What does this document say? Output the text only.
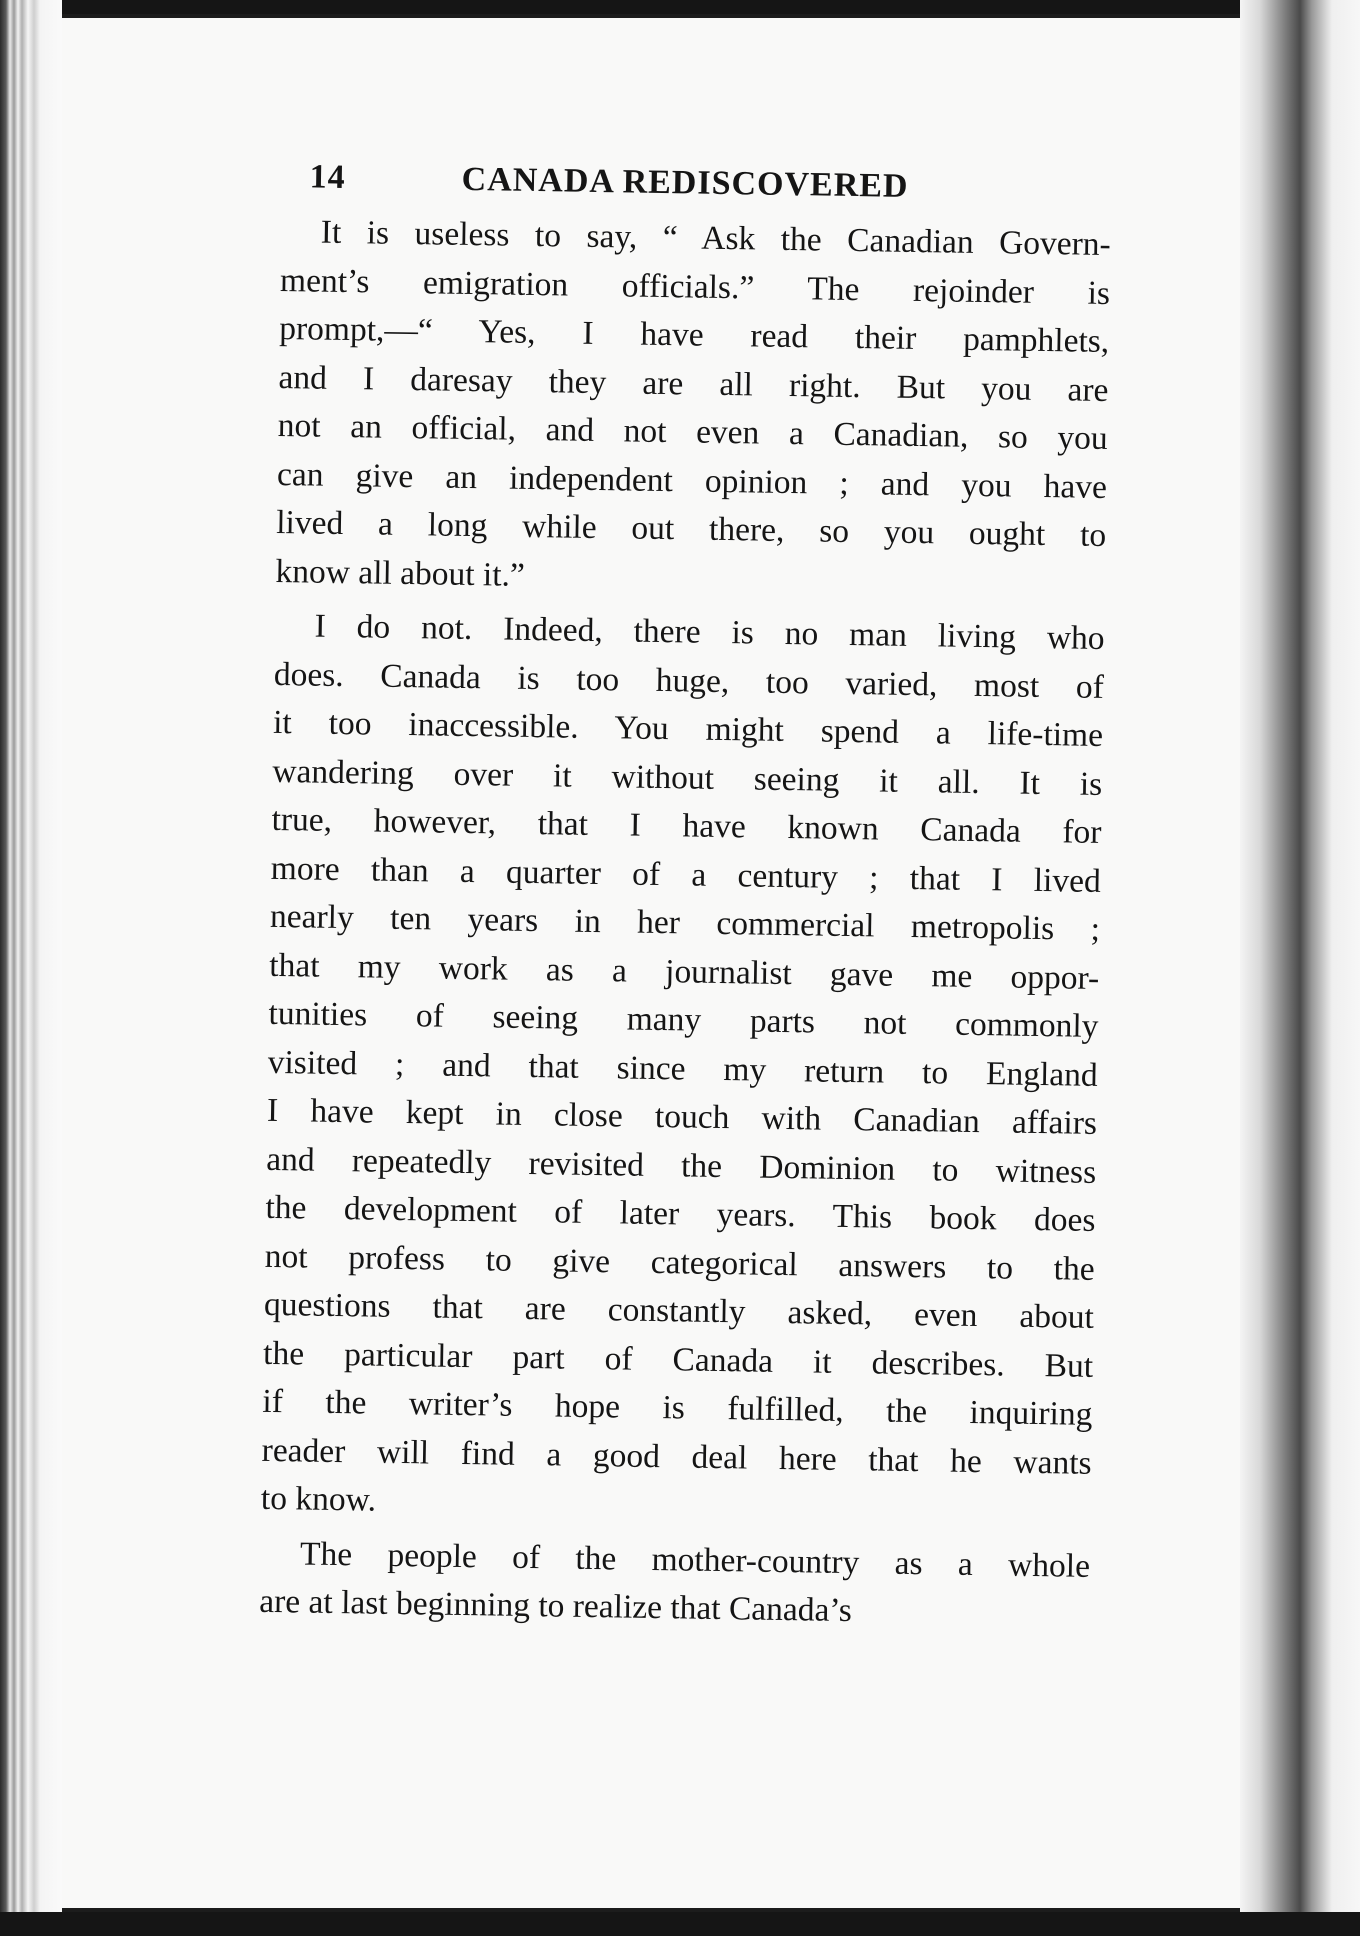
14	CANADA REDISCOVERED
It is useless to say, “ Ask the Canadian Govern-
ment’s emigration officials.” The rejoinder is
prompt,—“ Yes, I have read their pamphlets,
and I daresay they are all right. But you are
not an official, and not even a Canadian, so you
can give an independent opinion ; and you have
lived a long while out there, so you ought to
know all about it.”
I do not. Indeed, there is no man living who
does. Canada is too huge, too varied, most of
it too inaccessible. You might spend a life-time
wandering over it without seeing it all. It is
true, however, that I have known Canada for
more than a quarter of a century ; that I lived
nearly ten years in her commercial metropolis ;
that my work as a journalist gave me oppor-
tunities of seeing many parts not commonly
visited ; and that since my return to England
I have kept in close touch with Canadian affairs
and repeatedly revisited the Dominion to witness
the development of later years. This book does
not profess to give categorical answers to the
questions that are constantly asked, even about
the particular part of Canada it describes. But
if the writer’s hope is fulfilled, the inquiring
reader will find a good deal here that he wants
to know.
The people of the mother-country as a whole
are at last beginning to realize that Canada’s
